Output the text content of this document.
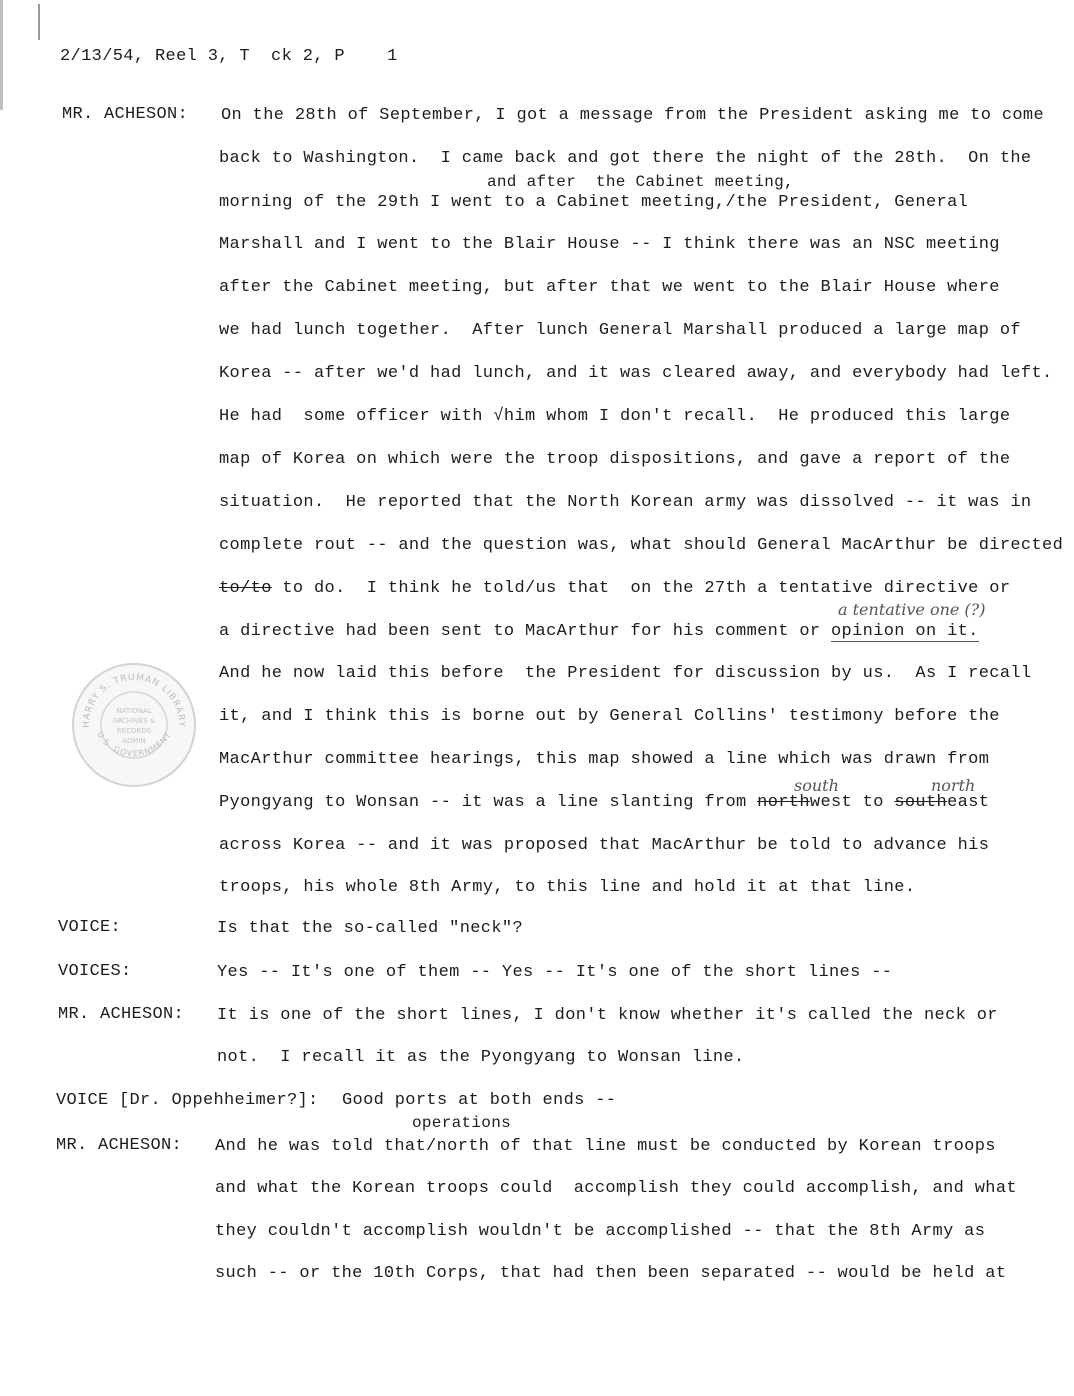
2/13/54, Reel 3, T  ck 2, P    1
MR. ACHESON: On the 28th of September, I got a message from the President asking me to come
back to Washington.  I came back and got there the night of the 28th.  On the
and after  the Cabinet meeting,
morning of the 29th I went to a Cabinet meeting,/the President, General
Marshall and I went to the Blair House -- I think there was an NSC meeting
after the Cabinet meeting, but after that we went to the Blair House where
we had lunch together.  After lunch General Marshall produced a large map of
Korea -- after we'd had lunch, and it was cleared away, and everybody had left.
He had  some officer with √him whom I don't recall.  He produced this large
map of Korea on which were the troop dispositions, and gave a report of the
situation.  He reported that the North Korean army was dissolved -- it was in
complete rout -- and the question was, what should General MacArthur be directed
to/to to do.  I think he told/us that  on the 27th a tentative directive or
a tentative one (?)
a directive had been sent to MacArthur for his comment or opinion on it.
And he now laid this before  the President for discussion by us.  As I recall
it, and I think this is borne out by General Collins' testimony before the
MacArthur committee hearings, this map showed a line which was drawn from
south	north
Pyongyang to Wonsan -- it was a line slanting from northwest to southeast
across Korea -- and it was proposed that MacArthur be told to advance his
troops, his whole 8th Army, to this line and hold it at that line.
VOICE:	Is that the so-called "neck"?
VOICES:	Yes -- It's one of them -- Yes -- It's one of the short lines --
MR. ACHESON: It is one of the short lines, I don't know whether it's called the neck or
not.  I recall it as the Pyongyang to Wonsan line.
VOICE [Dr. Oppehheimer?]: Good ports at both ends --
operations
MR. ACHESON: And he was told that/north of that line must be conducted by Korean troops
and what the Korean troops could  accomplish they could accomplish, and what
they couldn't accomplish wouldn't be accomplished -- that the 8th Army as
such -- or the 10th Corps, that had then been separated -- would be held at
HARRY S. TRUMAN LIBRARY
U.S. GOVERNMENT
NATIONAL
ARCHIVES &
RECORDS
ADMIN
